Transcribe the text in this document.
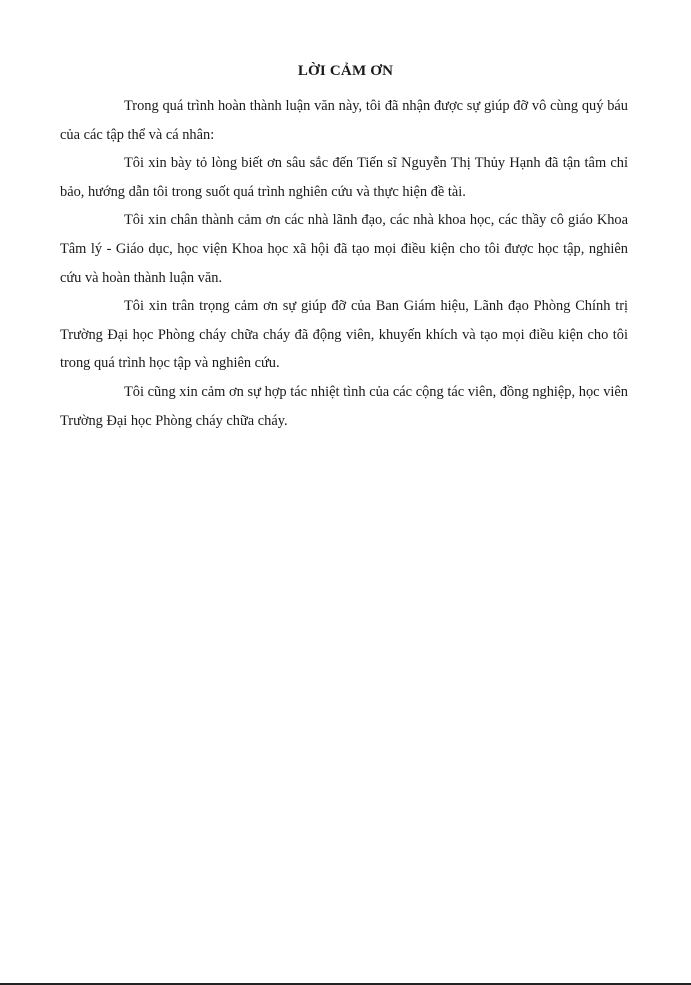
LỜI CẢM ƠN

Trong quá trình hoàn thành luận văn này, tôi đã nhận được sự giúp đỡ vô cùng quý báu của các tập thể và cá nhân:

Tôi xin bày tỏ lòng biết ơn sâu sắc đến Tiến sĩ Nguyễn Thị Thủy Hạnh đã tận tâm chỉ bảo, hướng dẫn tôi trong suốt quá trình nghiên cứu và thực hiện đề tài.

Tôi xin chân thành cảm ơn các nhà lãnh đạo, các nhà khoa học, các thầy cô giáo Khoa Tâm lý - Giáo dục, học viện Khoa học xã hội đã tạo mọi điều kiện cho tôi được học tập, nghiên cứu và hoàn thành luận văn.

Tôi xin trân trọng cảm ơn sự giúp đỡ của Ban Giám hiệu, Lãnh đạo Phòng Chính trị Trường Đại học Phòng cháy chữa cháy đã động viên, khuyến khích và tạo mọi điều kiện cho tôi trong quá trình học tập và nghiên cứu.

Tôi cũng xin cảm ơn sự hợp tác nhiệt tình của các cộng tác viên, đồng nghiệp, học viên Trường Đại học Phòng cháy chữa cháy.
